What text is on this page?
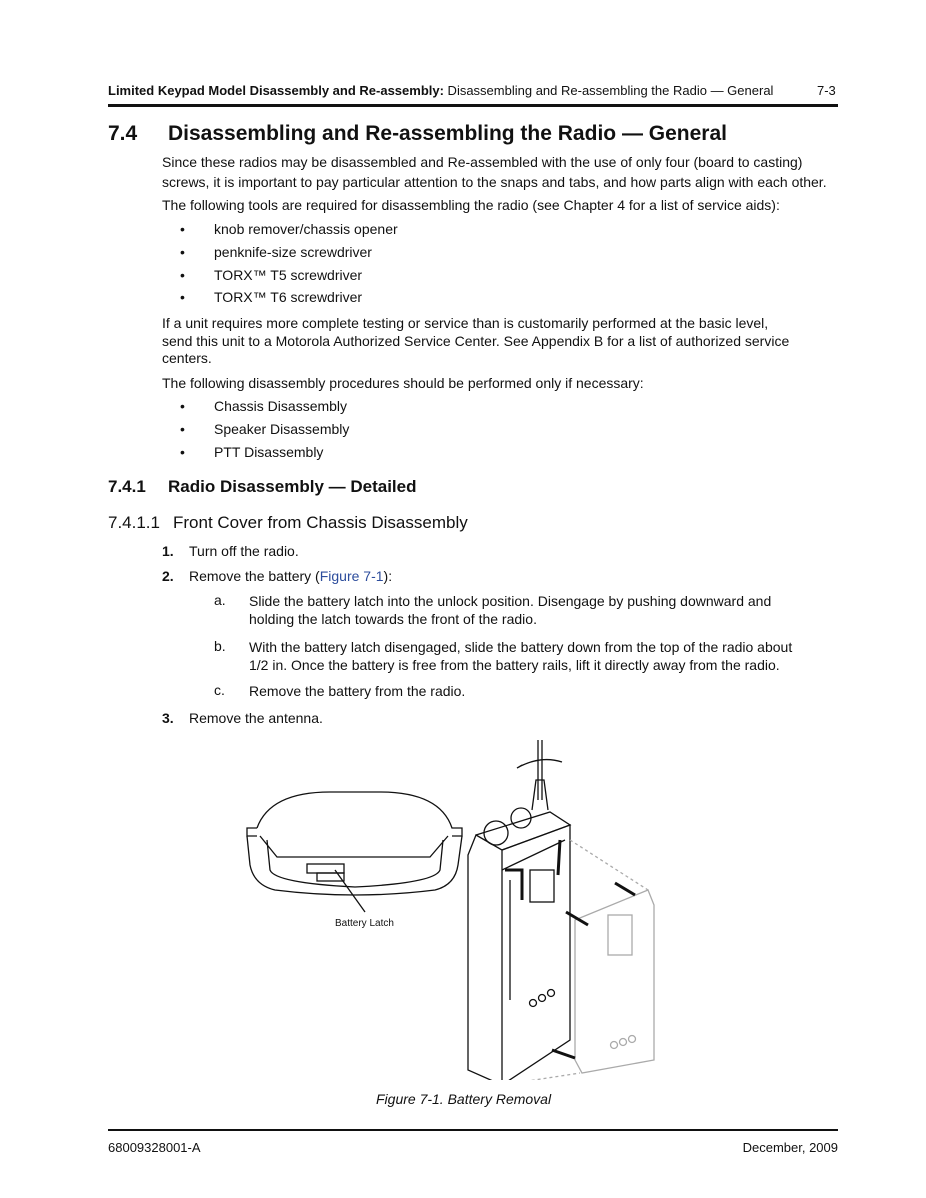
Limited Keypad Model Disassembly and Re-assembly: Disassembling and Re-assembling the Radio — General	7-3
7.4 Disassembling and Re-assembling the Radio — General
Since these radios may be disassembled and Re-assembled with the use of only four (board to casting)
screws, it is important to pay particular attention to the snaps and tabs, and how parts align with each other.
The following tools are required for disassembling the radio (see Chapter 4 for a list of service aids):
• knob remover/chassis opener
• penknife-size screwdriver
• TORX™ T5 screwdriver
• TORX™ T6 screwdriver
If a unit requires more complete testing or service than is customarily performed at the basic level,
send this unit to a Motorola Authorized Service Center. See Appendix B for a list of authorized service
centers.
The following disassembly procedures should be performed only if necessary:
• Chassis Disassembly
• Speaker Disassembly
• PTT Disassembly
7.4.1 Radio Disassembly — Detailed
7.4.1.1 Front Cover from Chassis Disassembly
1. Turn off the radio.
2. Remove the battery (Figure 7-1):
a. Slide the battery latch into the unlock position. Disengage by pushing downward and
holding the latch towards the front of the radio.
b. With the battery latch disengaged, slide the battery down from the top of the radio about
1/2 in. Once the battery is free from the battery rails, lift it directly away from the radio.
c. Remove the battery from the radio.
3. Remove the antenna.
Battery Latch
Figure 7-1. Battery Removal
68009328001-A	December, 2009
